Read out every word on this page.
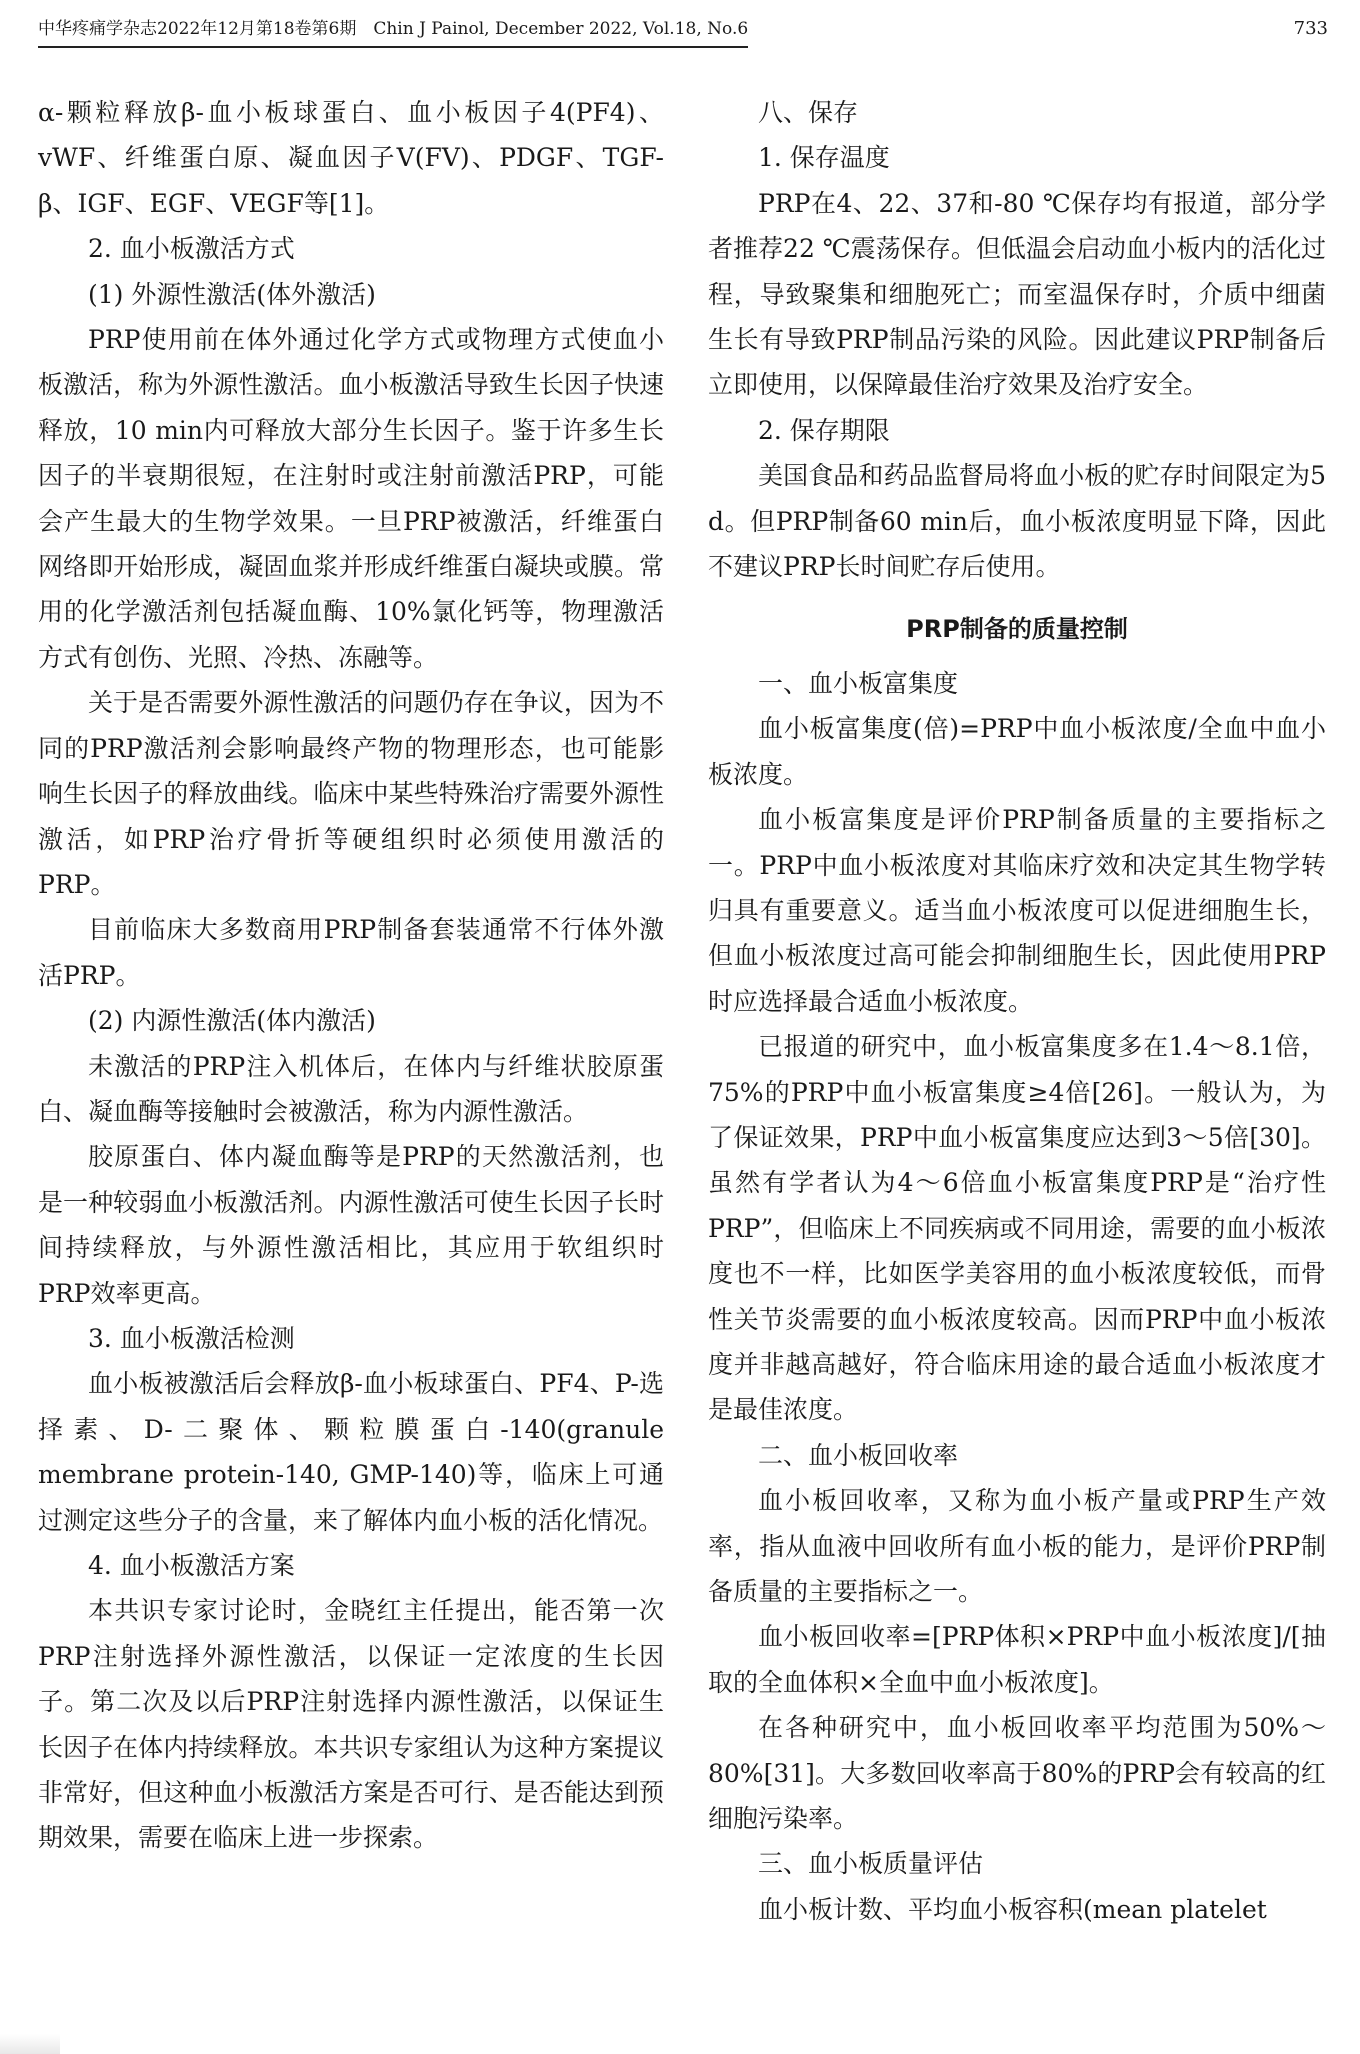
中华疼痛学杂志2022年12月第18卷第6期　Chin J Painol, December 2022, Vol.18, No.6	733

α-颗粒释放β-血小板球蛋白、血小板因子4(PF4)、vWF、纤维蛋白原、凝血因子V(FV)、PDGF、TGF-β、IGF、EGF、VEGF等[1]。

2. 血小板激活方式

(1) 外源性激活(体外激活)

PRP使用前在体外通过化学方式或物理方式使血小板激活，称为外源性激活。血小板激活导致生长因子快速释放，10 min内可释放大部分生长因子。鉴于许多生长因子的半衰期很短，在注射时或注射前激活PRP，可能会产生最大的生物学效果。一旦PRP被激活，纤维蛋白网络即开始形成，凝固血浆并形成纤维蛋白凝块或膜。常用的化学激活剂包括凝血酶、10%氯化钙等，物理激活方式有创伤、光照、冷热、冻融等。

关于是否需要外源性激活的问题仍存在争议，因为不同的PRP激活剂会影响最终产物的物理形态，也可能影响生长因子的释放曲线。临床中某些特殊治疗需要外源性激活，如PRP治疗骨折等硬组织时必须使用激活的PRP。

目前临床大多数商用PRP制备套装通常不行体外激活PRP。

(2) 内源性激活(体内激活)

未激活的PRP注入机体后，在体内与纤维状胶原蛋白、凝血酶等接触时会被激活，称为内源性激活。

胶原蛋白、体内凝血酶等是PRP的天然激活剂，也是一种较弱血小板激活剂。内源性激活可使生长因子长时间持续释放，与外源性激活相比，其应用于软组织时PRP效率更高。

3. 血小板激活检测

血小板被激活后会释放β-血小板球蛋白、PF4、P-选择素、D-二聚体、颗粒膜蛋白-140(granule membrane protein-140, GMP-140)等，临床上可通过测定这些分子的含量，来了解体内血小板的活化情况。

4. 血小板激活方案

本共识专家讨论时，金晓红主任提出，能否第一次PRP注射选择外源性激活，以保证一定浓度的生长因子。第二次及以后PRP注射选择内源性激活，以保证生长因子在体内持续释放。本共识专家组认为这种方案提议非常好，但这种血小板激活方案是否可行、是否能达到预期效果，需要在临床上进一步探索。

八、保存

1. 保存温度

PRP在4、22、37和-80 ℃保存均有报道，部分学者推荐22 ℃震荡保存。但低温会启动血小板内的活化过程，导致聚集和细胞死亡；而室温保存时，介质中细菌生长有导致PRP制品污染的风险。因此建议PRP制备后立即使用，以保障最佳治疗效果及治疗安全。

2. 保存期限

美国食品和药品监督局将血小板的贮存时间限定为5 d。但PRP制备60 min后，血小板浓度明显下降，因此不建议PRP长时间贮存后使用。

PRP制备的质量控制

一、血小板富集度

血小板富集度(倍)=PRP中血小板浓度/全血中血小板浓度。

血小板富集度是评价PRP制备质量的主要指标之一。PRP中血小板浓度对其临床疗效和决定其生物学转归具有重要意义。适当血小板浓度可以促进细胞生长，但血小板浓度过高可能会抑制细胞生长，因此使用PRP时应选择最合适血小板浓度。

已报道的研究中，血小板富集度多在1.4～8.1倍，75%的PRP中血小板富集度≥4倍[26]。一般认为，为了保证效果，PRP中血小板富集度应达到3～5倍[30]。虽然有学者认为4～6倍血小板富集度PRP是“治疗性PRP”，但临床上不同疾病或不同用途，需要的血小板浓度也不一样，比如医学美容用的血小板浓度较低，而骨性关节炎需要的血小板浓度较高。因而PRP中血小板浓度并非越高越好，符合临床用途的最合适血小板浓度才是最佳浓度。

二、血小板回收率

血小板回收率，又称为血小板产量或PRP生产效率，指从血液中回收所有血小板的能力，是评价PRP制备质量的主要指标之一。

血小板回收率=[PRP体积×PRP中血小板浓度]/[抽取的全血体积×全血中血小板浓度]。

在各种研究中，血小板回收率平均范围为50%～80%[31]。大多数回收率高于80%的PRP会有较高的红细胞污染率。

三、血小板质量评估

血小板计数、平均血小板容积(mean platelet
